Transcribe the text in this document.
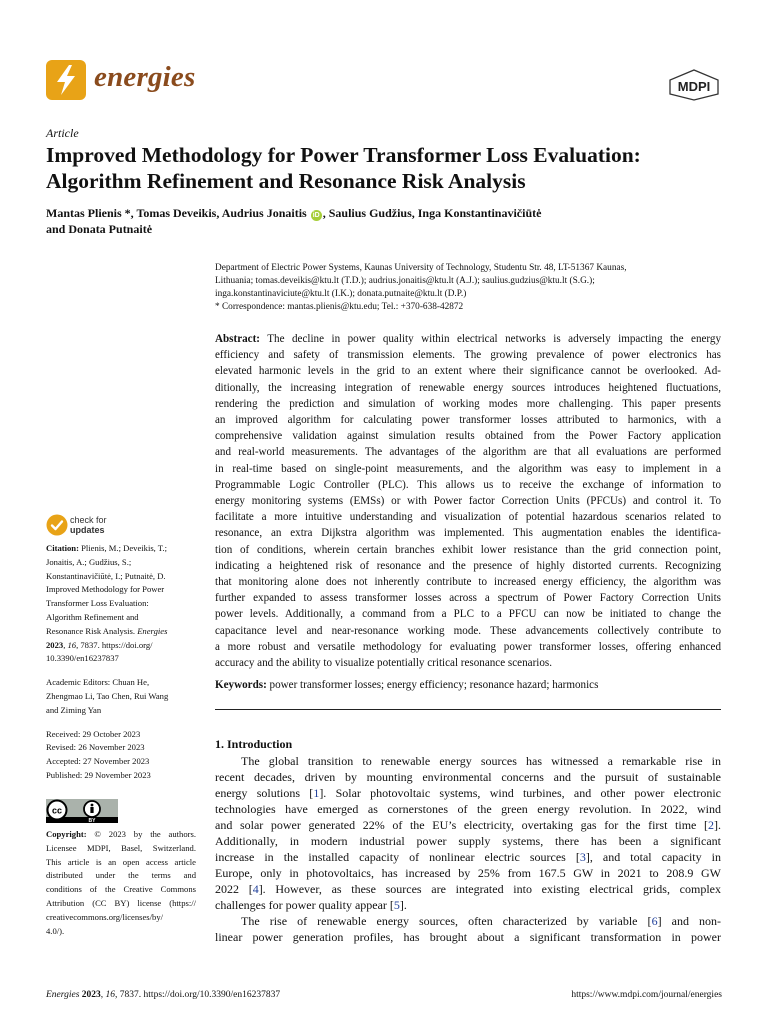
energies	MDPI
Article
Improved Methodology for Power Transformer Loss Evaluation:
Algorithm Refinement and Resonance Risk Analysis
Mantas Plienis *, Tomas Deveikis, Audrius Jonaitis iD , Saulius Gudžius, Inga Konstantinavičiūtė
and Donata Putnaitė
Department of Electric Power Systems, Kaunas University of Technology, Studentu Str. 48, LT-51367 Kaunas,
Lithuania; tomas.deveikis@ktu.lt (T.D.); audrius.jonaitis@ktu.lt (A.J.); saulius.gudzius@ktu.lt (S.G.);
inga.konstantinaviciute@ktu.lt (I.K.); donata.putnaite@ktu.lt (D.P.)
* Correspondence: mantas.plienis@ktu.edu; Tel.: +370-638-42872
Abstract: The decline in power quality within electrical networks is adversely impacting the energy
efficiency and safety of transmission elements. The growing prevalence of power electronics has
elevated harmonic levels in the grid to an extent where their significance cannot be overlooked. Ad-
ditionally, the increasing integration of renewable energy sources introduces heightened fluctuations,
rendering the prediction and simulation of working modes more challenging. This paper presents
an improved algorithm for calculating power transformer losses attributed to harmonics, with a
comprehensive validation against simulation results obtained from the Power Factory application
and real-world measurements. The advantages of the algorithm are that all evaluations are performed
in real-time based on single-point measurements, and the algorithm was easy to implement in a
Programmable Logic Controller (PLC). This allows us to receive the exchange of information to
energy monitoring systems (EMSs) or with Power factor Correction Units (PFCUs) and control it. To
facilitate a more intuitive understanding and visualization of potential hazardous scenarios related to
resonance, an extra Dijkstra algorithm was implemented. This augmentation enables the identifica-
tion of conditions, wherein certain branches exhibit lower resistance than the grid connection point,
indicating a heightened risk of resonance and the presence of highly distorted currents. Recognizing
that monitoring alone does not inherently contribute to increased energy efficiency, the algorithm was
further expanded to assess transformer losses across a spectrum of Power Factory Correction Units
power levels. Additionally, a command from a PLC to a PFCU can now be initiated to change the
capacitance level and near-resonance working mode. These advancements collectively contribute to
a more robust and versatile methodology for evaluating power transformer losses, offering enhanced
accuracy and the ability to visualize potentially critical resonance scenarios.
Keywords: power transformer losses; energy efficiency; resonance hazard; harmonics
1. Introduction
The global transition to renewable energy sources has witnessed a remarkable rise in
recent decades, driven by mounting environmental concerns and the pursuit of sustainable
energy solutions [1]. Solar photovoltaic systems, wind turbines, and other power electronic
technologies have emerged as cornerstones of the green energy revolution. In 2022, wind
and solar power generated 22% of the EU’s electricity, overtaking gas for the first time [2].
Additionally, in modern industrial power supply systems, there has been a significant
increase in the installed capacity of nonlinear electric sources [3], and total capacity in
Europe, only in photovoltaics, has increased by 25% from 167.5 GW in 2021 to 208.9 GW
2022 [4]. However, as these sources are integrated into existing electrical grids, complex
challenges for power quality appear [5].
The rise of renewable energy sources, often characterized by variable [6] and non-
linear power generation profiles, has brought about a significant transformation in power
check for
updates
Citation: Plienis, M.; Deveikis, T.;
Jonaitis, A.; Gudžius, S.;
Konstantinavičiūtė, I.; Putnaitė, D.
Improved Methodology for Power
Transformer Loss Evaluation:
Algorithm Refinement and
Resonance Risk Analysis. Energies
2023, 16, 7837. https://doi.org/
10.3390/en16237837
Academic Editors: Chuan He,
Zhengmao Li, Tao Chen, Rui Wang
and Ziming Yan
Received: 29 October 2023
Revised: 26 November 2023
Accepted: 27 November 2023
Published: 29 November 2023
cc
BY
Copyright: © 2023 by the authors.
Licensee MDPI, Basel, Switzerland.
This article is an open access article
distributed under the terms and
conditions of the Creative Commons
Attribution (CC BY) license (https://
creativecommons.org/licenses/by/
4.0/).
Energies 2023, 16, 7837. https://doi.org/10.3390/en16237837	https://www.mdpi.com/journal/energies
